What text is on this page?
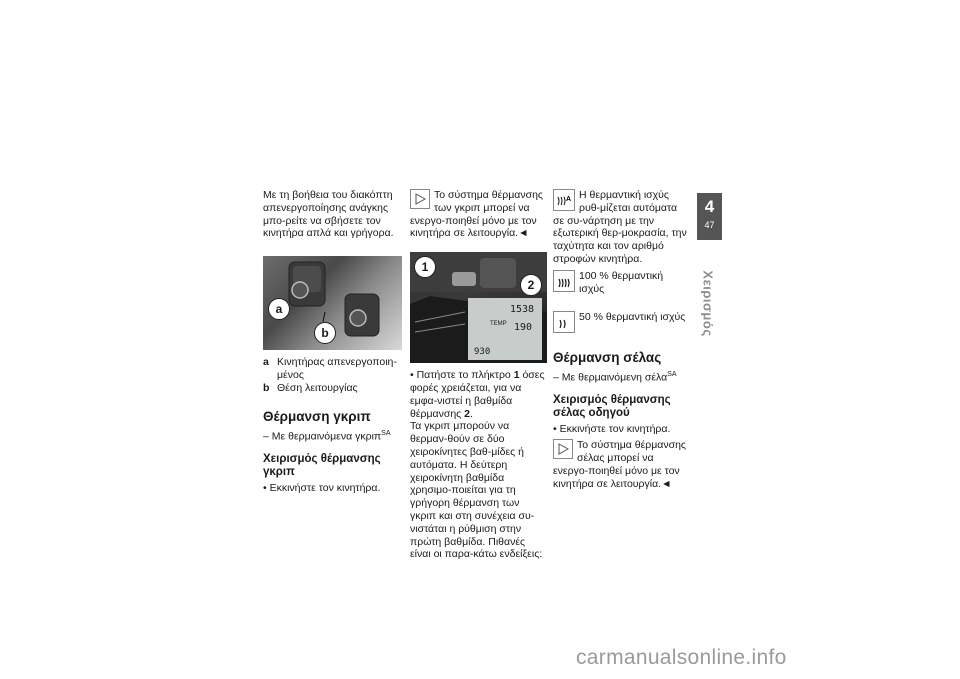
Με τη βοήθεια του διακόπτη απενεργοποίησης ανάγκης μπο-ρείτε να σβήσετε τον κινητήρα απλά και γρήγορα.

a
b
a Κινητήρας απενεργοποιη-μένος
b Θέση λειτουργίας
Θέρμανση γκριπ

– Με θερμαινόμενα γκριπ$^{SA}$

Χειρισμός θέρμανσης γκριπ

• Εκκινήστε τον κινητήρα.

Το σύστημα θέρμανσης των γκριπ μπορεί να ενεργο-ποιηθεί μόνο με τον κινητήρα σε λειτουργία.◄

1538
TEMP 190
930
1
2

• Πατήστε το πλήκτρο 1 όσες φορές χρειάζεται, για να εμφα-νιστεί η βαθμίδα θέρμανσης 2.

Τα γκριπ μπορούν να θερμαν-θούν σε δύο χειροκίνητες βαθ-μίδες ή αυτόματα. Η δεύτερη χειροκίνητη βαθμίδα χρησιμο-ποιείται για τη γρήγορη θέρμανση των γκριπ και στη συνέχεια συ-νιστάται η ρύθμιση στην πρώτη βαθμίδα. Πιθανές είναι οι παρα-κάτω ενδείξεις:

A Η θερμαντική ισχύς ρυθ-μίζεται αυτόματα σε συ-νάρτηση με την εξωτερική θερ-μοκρασία, την ταχύτητα και τον αριθμό στροφών κινητήρα.

100 % θερμαντική ισχύς

50 % θερμαντική ισχύς

Θέρμανση σέλας

– Με θερμαινόμενη σέλα$^{SA}$

Χειρισμός θέρμανσης σέλας οδηγού

• Εκκινήστε τον κινητήρα.

Το σύστημα θέρμανσης σέλας μπορεί να ενεργο-ποιηθεί μόνο με τον κινητήρα σε λειτουργία.◄

4
47
Χειρισμός
carmanualsonline.info
